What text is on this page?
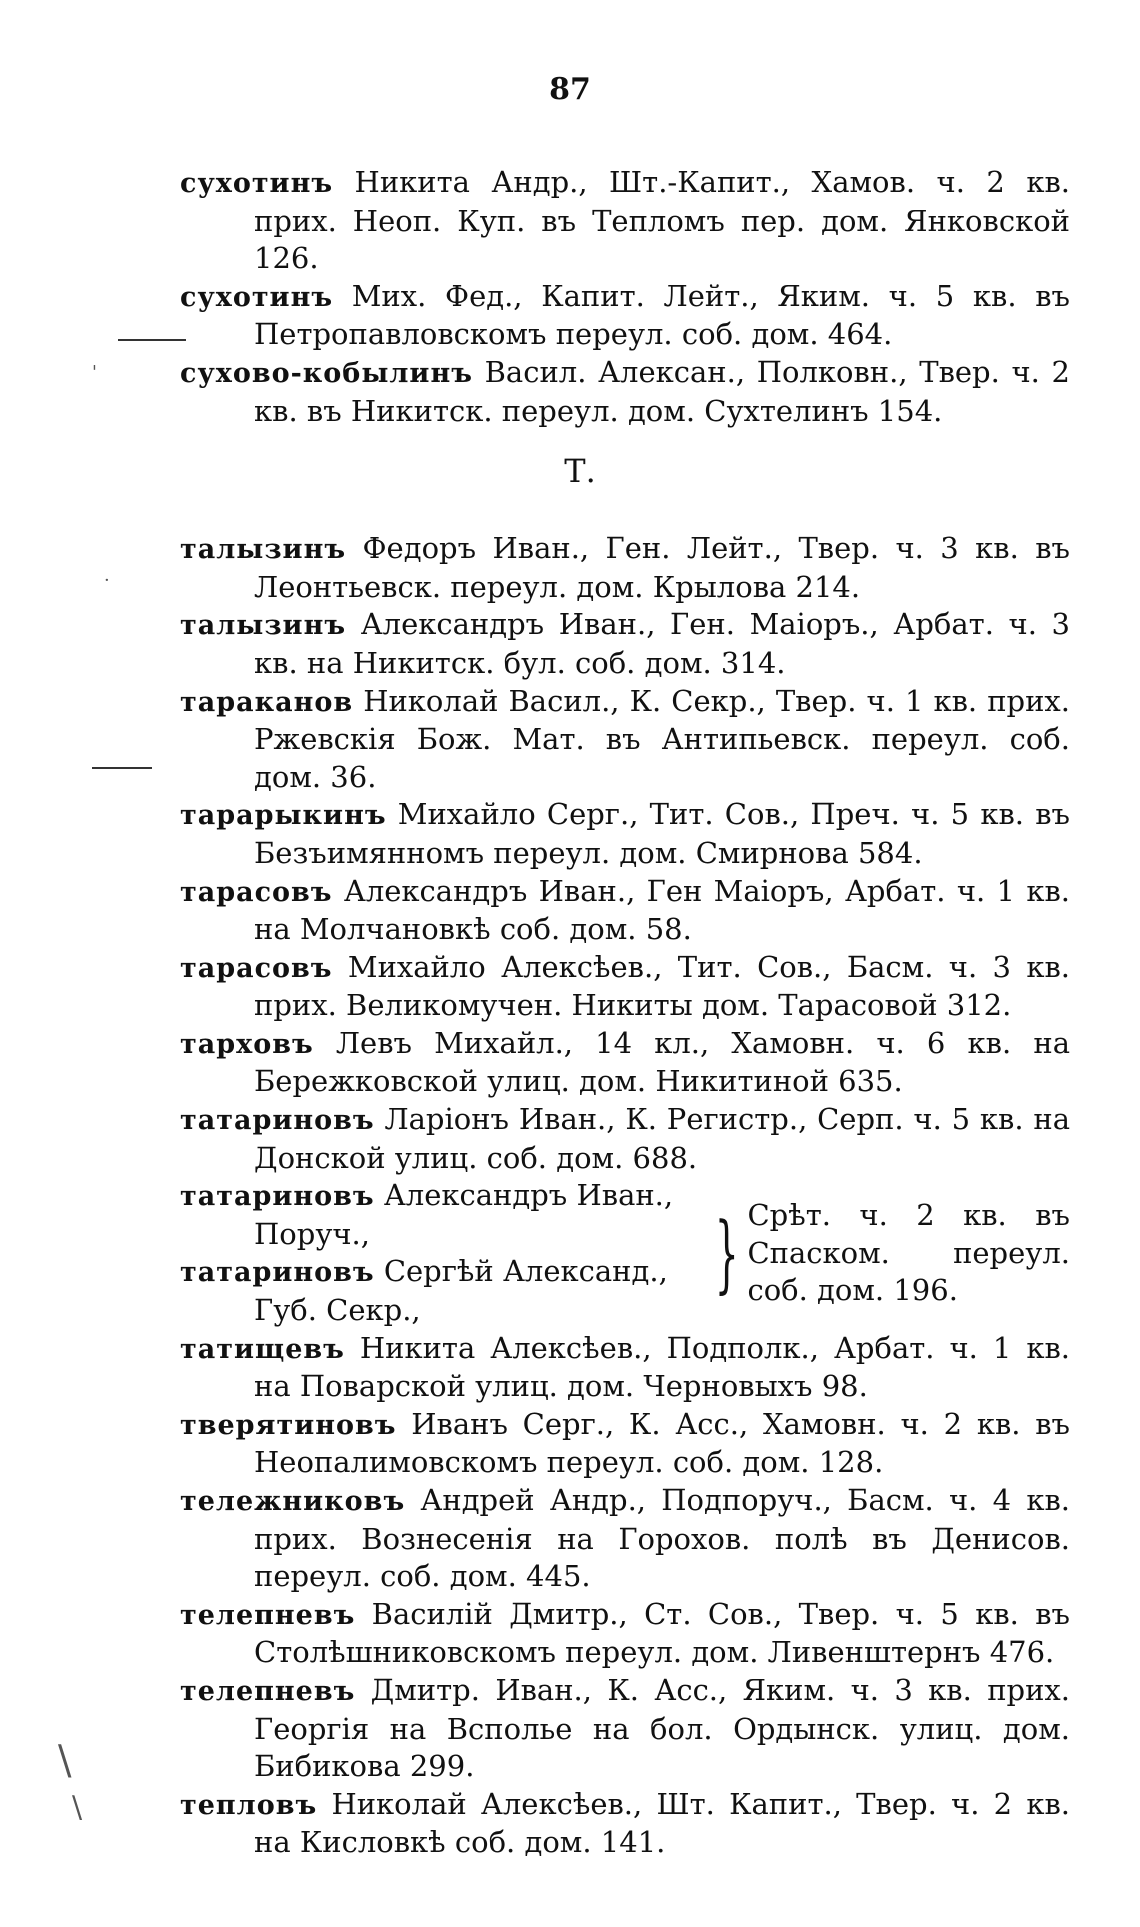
87
'
·
\
\

сухотинъ Никита Андр., Шт.-Капит., Хамов. ч. 2 кв. прих. Неоп. Куп. въ Тепломъ пер. дом. Янковской 126.

сухотинъ Мих. Фед., Капит. Лейт., Яким. ч. 5 кв. въ Петропавловскомъ переул. соб. дом. 464.

сухово-кобылинъ Васил. Алексан., Полковн., Твер. ч. 2 кв. въ Никитск. переул. дом. Сухтелинъ 154.

Т.

талызинъ Федоръ Иван., Ген. Лейт., Твер. ч. 3 кв. въ Леонтьевск. переул. дом. Крылова 214.

талызинъ Александръ Иван., Ген. Маіоръ., Арбат. ч. 3 кв. на Никитск. бул. соб. дом. 314.

тараканов Николай Васил., К. Секр., Твер. ч. 1 кв. прих. Ржевскія Бож. Мат. въ Антипьевск. переул. соб. дом. 36.

тарарыкинъ Михайло Серг., Тит. Сов., Преч. ч. 5 кв. въ Безъимянномъ переул. дом. Смирнова 584.

тарасовъ Александръ Иван., Ген Маіоръ, Арбат. ч. 1 кв. на Молчановкѣ соб. дом. 58.

тарасовъ Михайло Алексѣев., Тит. Сов., Басм. ч. 3 кв. прих. Великомучен. Никиты дом. Тарасовой 312.

тарховъ Левъ Михайл., 14 кл., Хамовн. ч. 6 кв. на Бережковской улиц. дом. Никитиной 635.

татариновъ Ларіонъ Иван., К. Регистр., Серп. ч. 5 кв. на Донской улиц. соб. дом. 688.

татариновъ Александръ Иван., Поруч.,

татариновъ Сергѣй Александ., Губ. Секр.,

} Срѣт. ч. 2 кв. въ Спаском. переул. соб. дом. 196.

татищевъ Никита Алексѣев., Подполк., Арбат. ч. 1 кв. на Поварской улиц. дом. Черновыхъ 98.

тверятиновъ Иванъ Серг., К. Асс., Хамовн. ч. 2 кв. въ Неопалимовскомъ переул. соб. дом. 128.

тележниковъ Андрей Андр., Подпоруч., Басм. ч. 4 кв. прих. Вознесенія на Горохов. полѣ въ Денисов. переул. соб. дом. 445.

телепневъ Василій Дмитр., Ст. Сов., Твер. ч. 5 кв. въ Столѣшниковскомъ переул. дом. Ливенштернъ 476.

телепневъ Дмитр. Иван., К. Асс., Яким. ч. 3 кв. прих. Георгія на Всполье на бол. Ордынск. улиц. дом. Бибикова 299.

тепловъ Николай Алексѣев., Шт. Капит., Твер. ч. 2 кв. на Кисловкѣ соб. дом. 141.
